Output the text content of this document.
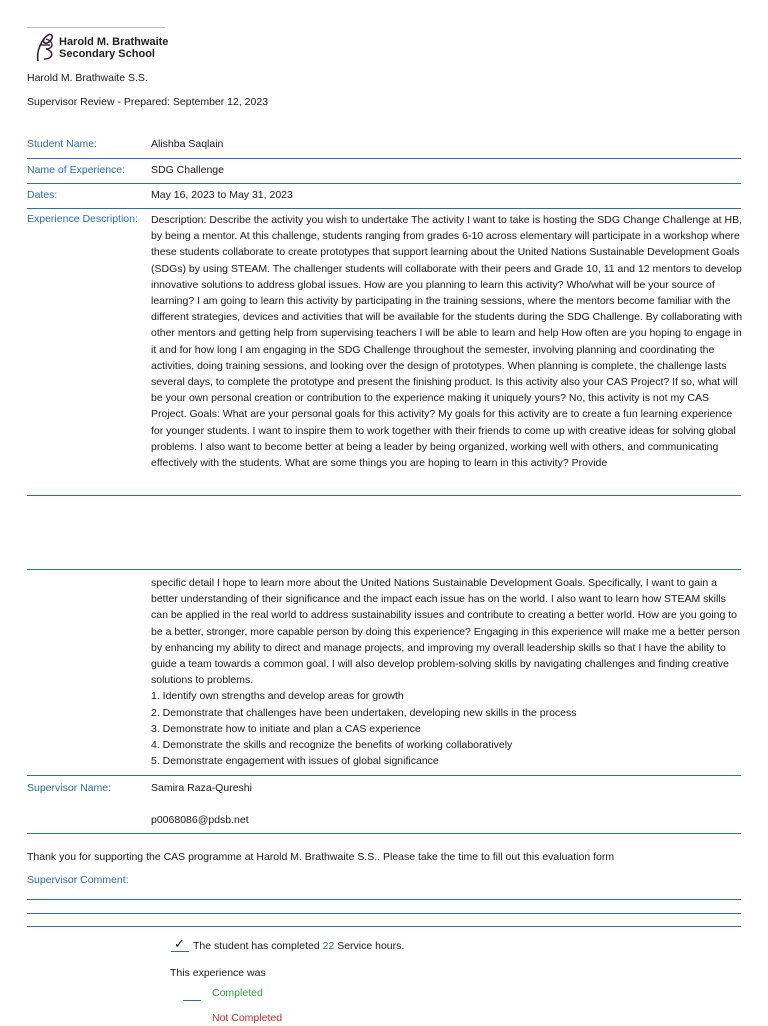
Harold M. Brathwaite
Secondary School
Harold M. Brathwaite S.S.
Supervisor Review - Prepared: September 12, 2023
Student Name:	Alishba Saqlain
Name of Experience: SDG Challenge
Dates:	May 16, 2023 to May 31, 2023
Experience Description: Description: Describe the activity you wish to undertake The activity I want to take is hosting the SDG Change Challenge at HB, by being a mentor. At this challenge, students ranging from grades 6-10 across elementary will participate in a workshop where these students collaborate to create prototypes that support learning about the United Nations Sustainable Development Goals (SDGs) by using STEAM. The challenger students will collaborate with their peers and Grade 10, 11 and 12 mentors to develop innovative solutions to address global issues. How are you planning to learn this activity? Who/what will be your source of learning? I am going to learn this activity by participating in the training sessions, where the mentors become familiar with the different strategies, devices and activities that will be available for the students during the SDG Challenge. By collaborating with other mentors and getting help from supervising teachers I will be able to learn and help How often are you hoping to engage in it and for how long I am engaging in the SDG Challenge throughout the semester, involving planning and coordinating the activities, doing training sessions, and looking over the design of prototypes. When planning is complete, the challenge lasts several days, to complete the prototype and present the finishing product. Is this activity also your CAS Project? If so, what will be your own personal creation or contribution to the experience making it uniquely yours? No, this activity is not my CAS Project. Goals: What are your personal goals for this activity? My goals for this activity are to create a fun learning experience for younger students. I want to inspire them to work together with their friends to come up with creative ideas for solving global problems. I also want to become better at being a leader by being organized, working well with others, and communicating effectively with the students. What are some things you are hoping to learn in this activity? Provide
specific detail I hope to learn more about the United Nations Sustainable Development Goals. Specifically, I want to gain a better understanding of their significance and the impact each issue has on the world. I also want to learn how STEAM skills can be applied in the real world to address sustainability issues and contribute to creating a better world. How are you going to be a better, stronger, more capable person by doing this experience? Engaging in this experience will make me a better person by enhancing my ability to direct and manage projects, and improving my overall leadership skills so that I have the ability to guide a team towards a common goal. I will also develop problem-solving skills by navigating challenges and finding creative solutions to problems.
1. Identify own strengths and develop areas for growth
2. Demonstrate that challenges have been undertaken, developing new skills in the process
3. Demonstrate how to initiate and plan a CAS experience
4. Demonstrate the skills and recognize the benefits of working collaboratively
5. Demonstrate engagement with issues of global significance
Supervisor Name:	Samira Raza-Qureshi
p0068086@pdsb.net
Thank you for supporting the CAS programme at Harold M. Brathwaite S.S.. Please take the time to fill out this evaluation form
Supervisor Comment:
✓ The student has completed 22 Service hours.
This experience was
Completed
Not Completed
